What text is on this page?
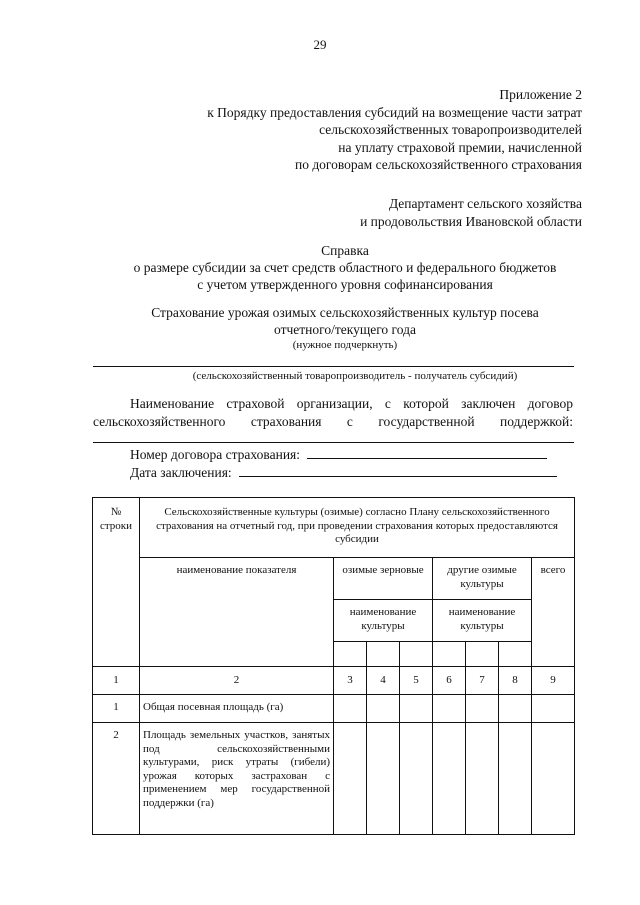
29
Приложение 2
к Порядку предоставления субсидий на возмещение части затрат
сельскохозяйственных товаропроизводителей
на уплату страховой премии, начисленной
по договорам сельскохозяйственного страхования
Департамент сельского хозяйства
и продовольствия Ивановской области
Справка
о размере субсидии за счет средств областного и федерального бюджетов
с учетом утвержденного уровня софинансирования
Страхование урожая озимых сельскохозяйственных культур посева
отчетного/текущего года
(нужное подчеркнуть)
(сельскохозяйственный товаропроизводитель - получатель субсидий)
Наименование страховой организации, с которой заключен договор
сельскохозяйственного страхования с государственной поддержкой:
Номер договора страхования:
Дата заключения:
№ строки	Сельскохозяйственные культуры (озимые) согласно Плану сельскохозяйственного страхования на отчетный год, при проведении страхования которых предоставляются субсидии							
	наименование показателя	озимые зерновые			другие озимые культуры			всего
		наименование культуры			наименование культуры			

1	2	3	4	5	6	7	8	9
1	Общая посевная площадь (га)							
2	Площадь земельных участков, занятых под сельскохозяйственными культурами, риск утраты (гибели) урожая которых застрахован с применением мер государственной поддержки (га)							
